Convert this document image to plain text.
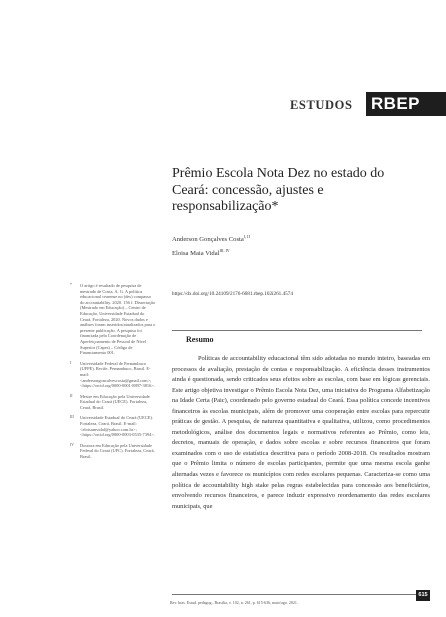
ESTUDOS RBEP
Prêmio Escola Nota Dez no estado do Ceará: concessão, ajustes e responsabilização*
Anderson Gonçalves Costa$^{I, II}$
Eloisa Maia Vidal$^{III, IV}$
https://dx.doi.org/10.24109/2176-6681.rbep.102i261.4574
Resumo

Políticas de accountability educacional têm sido adotadas no mundo inteiro, baseadas em processos de avaliação, prestação de contas e responsabilização. A eficiência desses instrumentos ainda é questionada, sendo criticados seus efeitos sobre as escolas, com base em lógicas gerenciais. Este artigo objetiva investigar o Prêmio Escola Nota Dez, uma iniciativa do Programa Alfabetização na Idade Certa (Paic), coordenado pelo governo estadual do Ceará. Essa política concede incentivos financeiros às escolas municipais, além de promover uma cooperação entre escolas para repercutir práticas de gestão. A pesquisa, de natureza quantitativa e qualitativa, utilizou, como procedimentos metodológicos, análise dos documentos legais e normativos referentes ao Prêmio, como leis, decretos, manuais de operação, e dados sobre escolas e sobre recursos financeiros que foram examinados com o uso de estatística descritiva para o período 2008-2018. Os resultados mostram que o Prêmio limita o número de escolas participantes, permite que uma mesma escola ganhe alternadas vezes e favorece os municípios com redes escolares pequenas. Caracteriza-se como uma política de accountability high stake pelas regras estabelecidas para concessão aos beneficiários, envolvendo recursos financeiros, e parece induzir expressivo reordenamento das redes escolares municipais, que

* O artigo é resultado de pesquisa de mestrado de Costa, A. G. A política educacional cearense no (des) compasso do accountability. 2020. 156 f. Dissertação (Mestrado em Educação) – Centro de Educação, Universidade Estadual do Ceará, Fortaleza, 2020. Novos dados e análises foram inseridos/atualizados para o presente publicação. A pesquisa foi financiada pela Coordenação de Aperfeiçoamento de Pessoal de Nível Superior (Capes) – Código de Financiamento 001.
I Universidade Federal de Pernambuco (UFPE). Recife, Pernambuco, Brasil. E-mail: <andersongoncalvescosta@gmail.com>; <https://orcid.org/0000-0001-8897-3816>.
II Mestre em Educação pela Universidade Estadual do Ceará (UECE). Fortaleza, Ceará, Brasil.
III Universidade Estadual do Ceará (UECE). Fortaleza, Ceará, Brasil. E-mail: <eloisamvidal@yahoo.com.br>; <https://orcid.org/0000-0003-0535-7394>.
IV Doutora em Educação pela Universidade Federal do Ceará (UFC). Fortaleza, Ceará, Brasil.
Rev. bras. Estud. pedagog., Brasília, v. 102, n. 261, p. 615-636, maio/ago. 2021.
615
